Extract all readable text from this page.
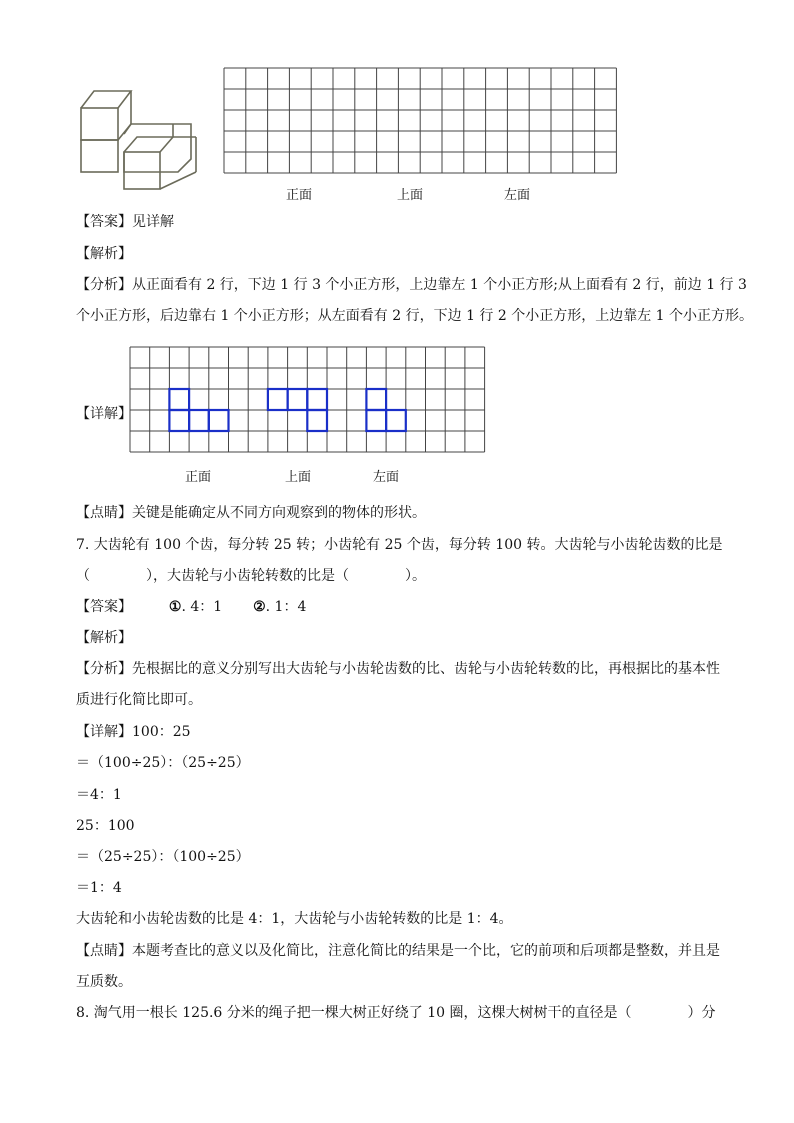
正面	上面	左面
【答案】见详解
【解析】
【分析】从正面看有 2 行，下边 1 行 3 个小正方形，上边靠左 1 个小正方形;从上面看有 2 行，前边 1 行 3
个小正方形，后边靠右 1 个小正方形；从左面看有 2 行，下边 1 行 2 个小正方形，上边靠左 1 个小正方形。
【详解】
正面	上面	左面
【点睛】关键是能确定从不同方向观察到的物体的形状。
7. 大齿轮有 100 个齿，每分转 25 转；小齿轮有 25 个齿，每分转 100 转。大齿轮与小齿轮齿数的比是
（　　　　），大齿轮与小齿轮转数的比是（　　　　）。
【答案】	①. 4：1 ②. 1：4
【解析】
【分析】先根据比的意义分别写出大齿轮与小齿轮齿数的比、齿轮与小齿轮转数的比，再根据比的基本性
质进行化简比即可。
【详解】100：25
＝（100÷25）：（25÷25）
＝4：1
25：100
＝（25÷25）：（100÷25）
＝1：4
大齿轮和小齿轮齿数的比是 4：1，大齿轮与小齿轮转数的比是 1：4。
【点睛】本题考查比的意义以及化简比，注意化简比的结果是一个比，它的前项和后项都是整数，并且是
互质数。
8. 淘气用一根长 125.6 分米的绳子把一棵大树正好绕了 10 圈，这棵大树树干的直径是（　　　　）分
